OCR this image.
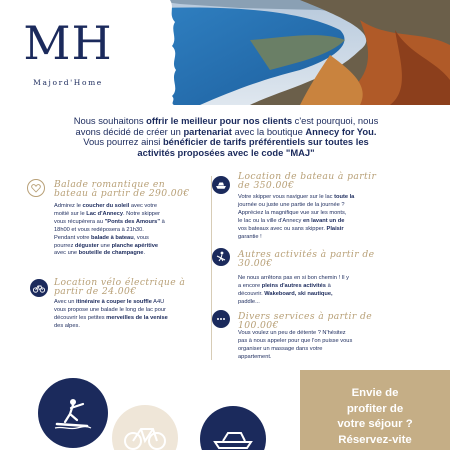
MH
Majord'Home
Nous souhaitons offrir le meilleur pour nos clients c'est pourquoi, nous
avons décidé de créer un partenariat avec la boutique Annecy for You.
Vous pourrez ainsi bénéficier de tarifs préférentiels sur toutes les
activités proposées avec le code "MAJ"
Balade romantique en
bateau à partir de 290.00€
Admirez le coucher du soleil avec votre
moitié sur le Lac d'Annecy. Notre skipper
vous récupèrera au "Ponts des Amours" à
18h00 et vous redéposera à 21h30.
Pendant votre balade à bateau, vous
pourrez déguster une planche apéritive
avec une bouteille de champagne.
Location de bateau à partir
de 350.00€
Votre skipper vous naviguer sur le lac toute la
journée ou juste une partie de la journée ?
Appréciez la magnifique vue sur les monts,
le lac ou la ville d'Annecy en lavant un de
vos bateaux avec ou sans skipper. Plaisir
garantie !
Location vélo électrique à
partir de 24.00€
Avec un itinéraire à couper le souffle A4U
vous propose une balade le long de lac pour
découvrir les petites merveilles de la venise
des alpes.
Autres activités à partir de
30.00€
Ne nous arrêtons pas en si bon chemin ! Il y
a encore pleins d'autres activités à
découvrir. Wakeboard, ski nautique,
paddle...
Divers services à partir de
100.00€
Vous voulez un peu de détente ? N'hésitez
pas à nous appeler pour que l'on puisse vous
organiser un massage dans votre
appartement.
Envie de
profiter de
votre séjour ?
Réservez-vite
